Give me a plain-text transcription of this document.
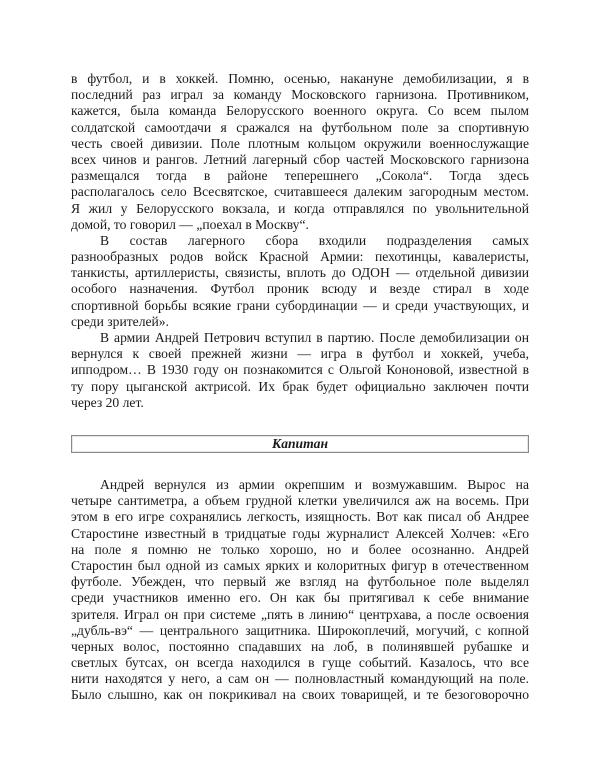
в футбол, и в хоккей. Помню, осенью, накануне демобилизации, я в
последний раз играл за команду Московского гарнизона. Противником,
кажется, была команда Белорусского военного округа. Со всем пылом
солдатской самоотдачи я сражался на футбольном поле за спортивную
честь своей дивизии. Поле плотным кольцом окружили военнослужащие
всех чинов и рангов. Летний лагерный сбор частей Московского гарнизона
размещался тогда в районе теперешнего „Сокола“. Тогда здесь
располагалось село Всесвятское, считавшееся далеким загородным местом.
Я жил у Белорусского вокзала, и когда отправлялся по увольнительной
домой, то говорил — „поехал в Москву“.
В состав лагерного сбора входили подразделения самых
разнообразных родов войск Красной Армии: пехотинцы, кавалеристы,
танкисты, артиллеристы, связисты, вплоть до ОДОН — отдельной дивизии
особого назначения. Футбол проник всюду и везде стирал в ходе
спортивной борьбы всякие грани субординации — и среди участвующих, и
среди зрителей».
В армии Андрей Петрович вступил в партию. После демобилизации он
вернулся к своей прежней жизни — игра в футбол и хоккей, учеба,
ипподром… В 1930 году он познакомится с Ольгой Кононовой, известной в
ту пору цыганской актрисой. Их брак будет официально заключен почти
через 20 лет.
Капитан
Андрей вернулся из армии окрепшим и возмужавшим. Вырос на
четыре сантиметра, а объем грудной клетки увеличился аж на восемь. При
этом в его игре сохранялись легкость, изящность. Вот как писал об Андрее
Старостине известный в тридцатые годы журналист Алексей Холчев: «Его
на поле я помню не только хорошо, но и более осознанно. Андрей
Старостин был одной из самых ярких и колоритных фигур в отечественном
футболе. Убежден, что первый же взгляд на футбольное поле выделял
среди участников именно его. Он как бы притягивал к себе внимание
зрителя. Играл он при системе „пять в линию“ центрхава, а после освоения
„дубль-вэ“ — центрального защитника. Широкоплечий, могучий, с копной
черных волос, постоянно спадавших на лоб, в полинявшей рубашке и
светлых бутсах, он всегда находился в гуще событий. Казалось, что все
нити находятся у него, а сам он — полновластный командующий на поле.
Было слышно, как он покрикивал на своих товарищей, и те безоговорочно
